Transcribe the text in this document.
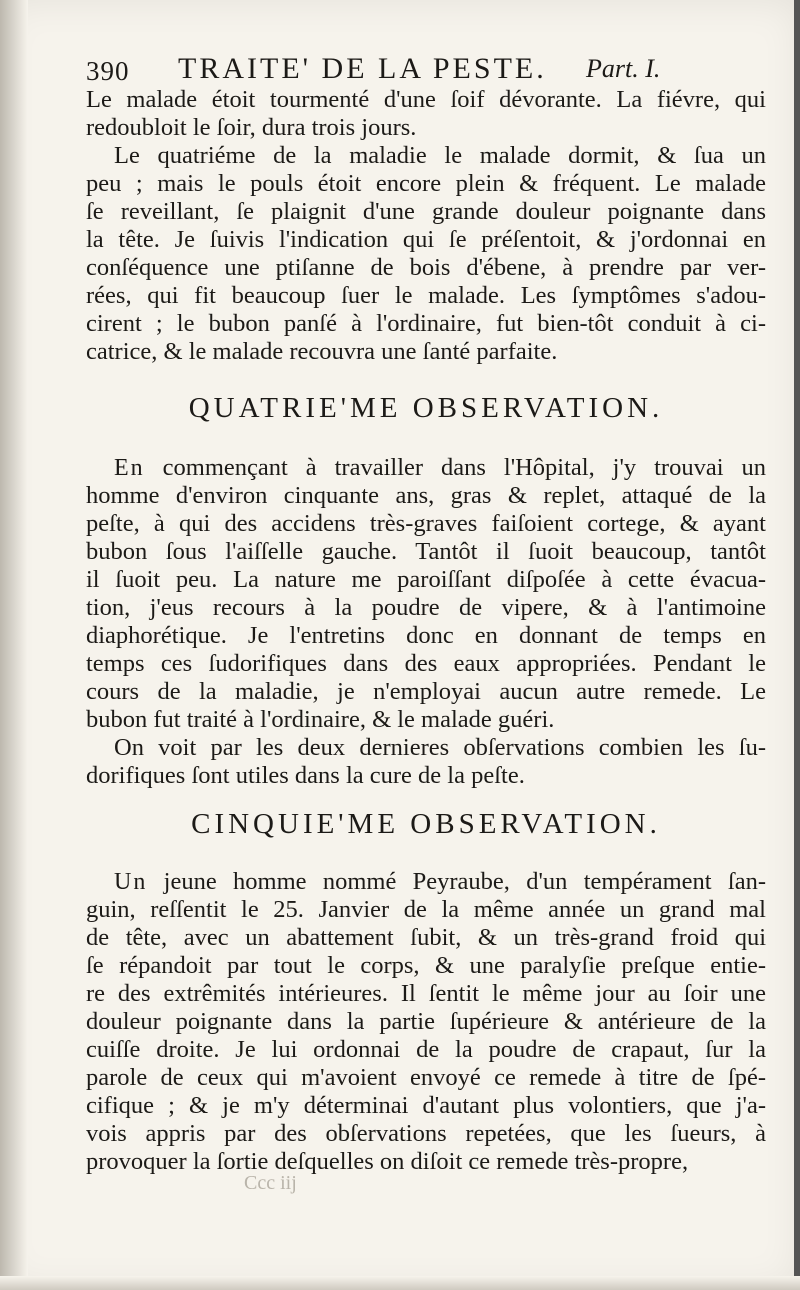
390 TRAITE' DE LA PESTE. Part. I.
Le malade étoit tourmenté d'une ſoif dévorante. La fiévre, qui
redoubloit le ſoir, dura trois jours.
Le quatriéme de la maladie le malade dormit, & ſua un
peu ; mais le pouls étoit encore plein & fréquent. Le malade
ſe reveillant, ſe plaignit d'une grande douleur poignante dans
la tête. Je ſuivis l'indication qui ſe préſentoit, & j'ordonnai en
conſéquence une ptiſanne de bois d'ébene, à prendre par ver-
rées, qui fit beaucoup ſuer le malade. Les ſymptômes s'adou-
cirent ; le bubon panſé à l'ordinaire, fut bien-tôt conduit à ci-
catrice, & le malade recouvra une ſanté parfaite.
QUATRIE'ME OBSERVATION.
En commençant à travailler dans l'Hôpital, j'y trouvai un
homme d'environ cinquante ans, gras & replet, attaqué de la
peſte, à qui des accidens très-graves faiſoient cortege, & ayant
bubon ſous l'aiſſelle gauche. Tantôt il ſuoit beaucoup, tantôt
il ſuoit peu. La nature me paroiſſant diſpoſée à cette évacua-
tion, j'eus recours à la poudre de vipere, & à l'antimoine
diaphorétique. Je l'entretins donc en donnant de temps en
temps ces ſudorifiques dans des eaux appropriées. Pendant le
cours de la maladie, je n'employai aucun autre remede. Le
bubon fut traité à l'ordinaire, & le malade guéri.
On voit par les deux dernieres obſervations combien les ſu-
dorifiques ſont utiles dans la cure de la peſte.
CINQUIE'ME OBSERVATION.
Un jeune homme nommé Peyraube, d'un tempérament ſan-
guin, reſſentit le 25. Janvier de la même année un grand mal
de tête, avec un abattement ſubit, & un très-grand froid qui
ſe répandoit par tout le corps, & une paralyſie preſque entie-
re des extrêmités intérieures. Il ſentit le même jour au ſoir une
douleur poignante dans la partie ſupérieure & antérieure de la
cuiſſe droite. Je lui ordonnai de la poudre de crapaut, ſur la
parole de ceux qui m'avoient envoyé ce remede à titre de ſpé-
cifique ; & je m'y déterminai d'autant plus volontiers, que j'a-
vois appris par des obſervations repetées, que les ſueurs, à
provoquer la ſortie deſquelles on diſoit ce remede très-propre,
Ccc iij
